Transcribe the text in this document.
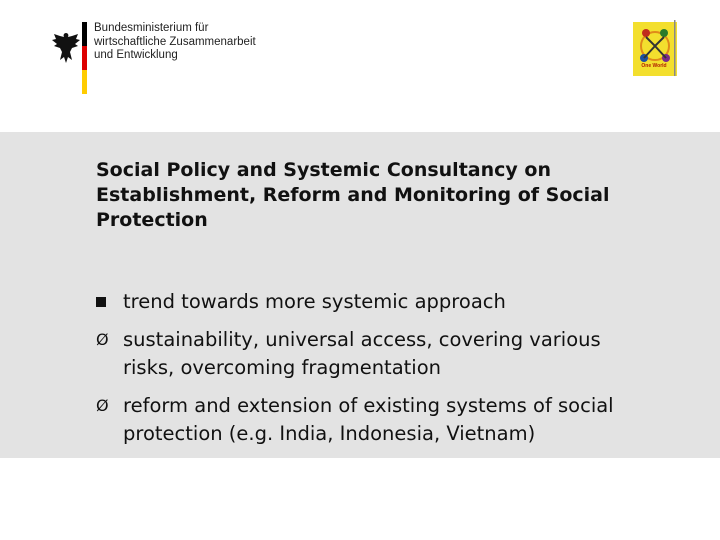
Bundesministerium für
wirtschaftliche Zusammenarbeit
und Entwicklung
One World
Social Policy and Systemic Consultancy on Establishment, Reform and Monitoring of Social Protection
trend towards more systemic approach
Ø sustainability, universal access, covering various risks, overcoming fragmentation
Ø reform and extension of existing systems of social protection (e.g. India, Indonesia, Vietnam)
